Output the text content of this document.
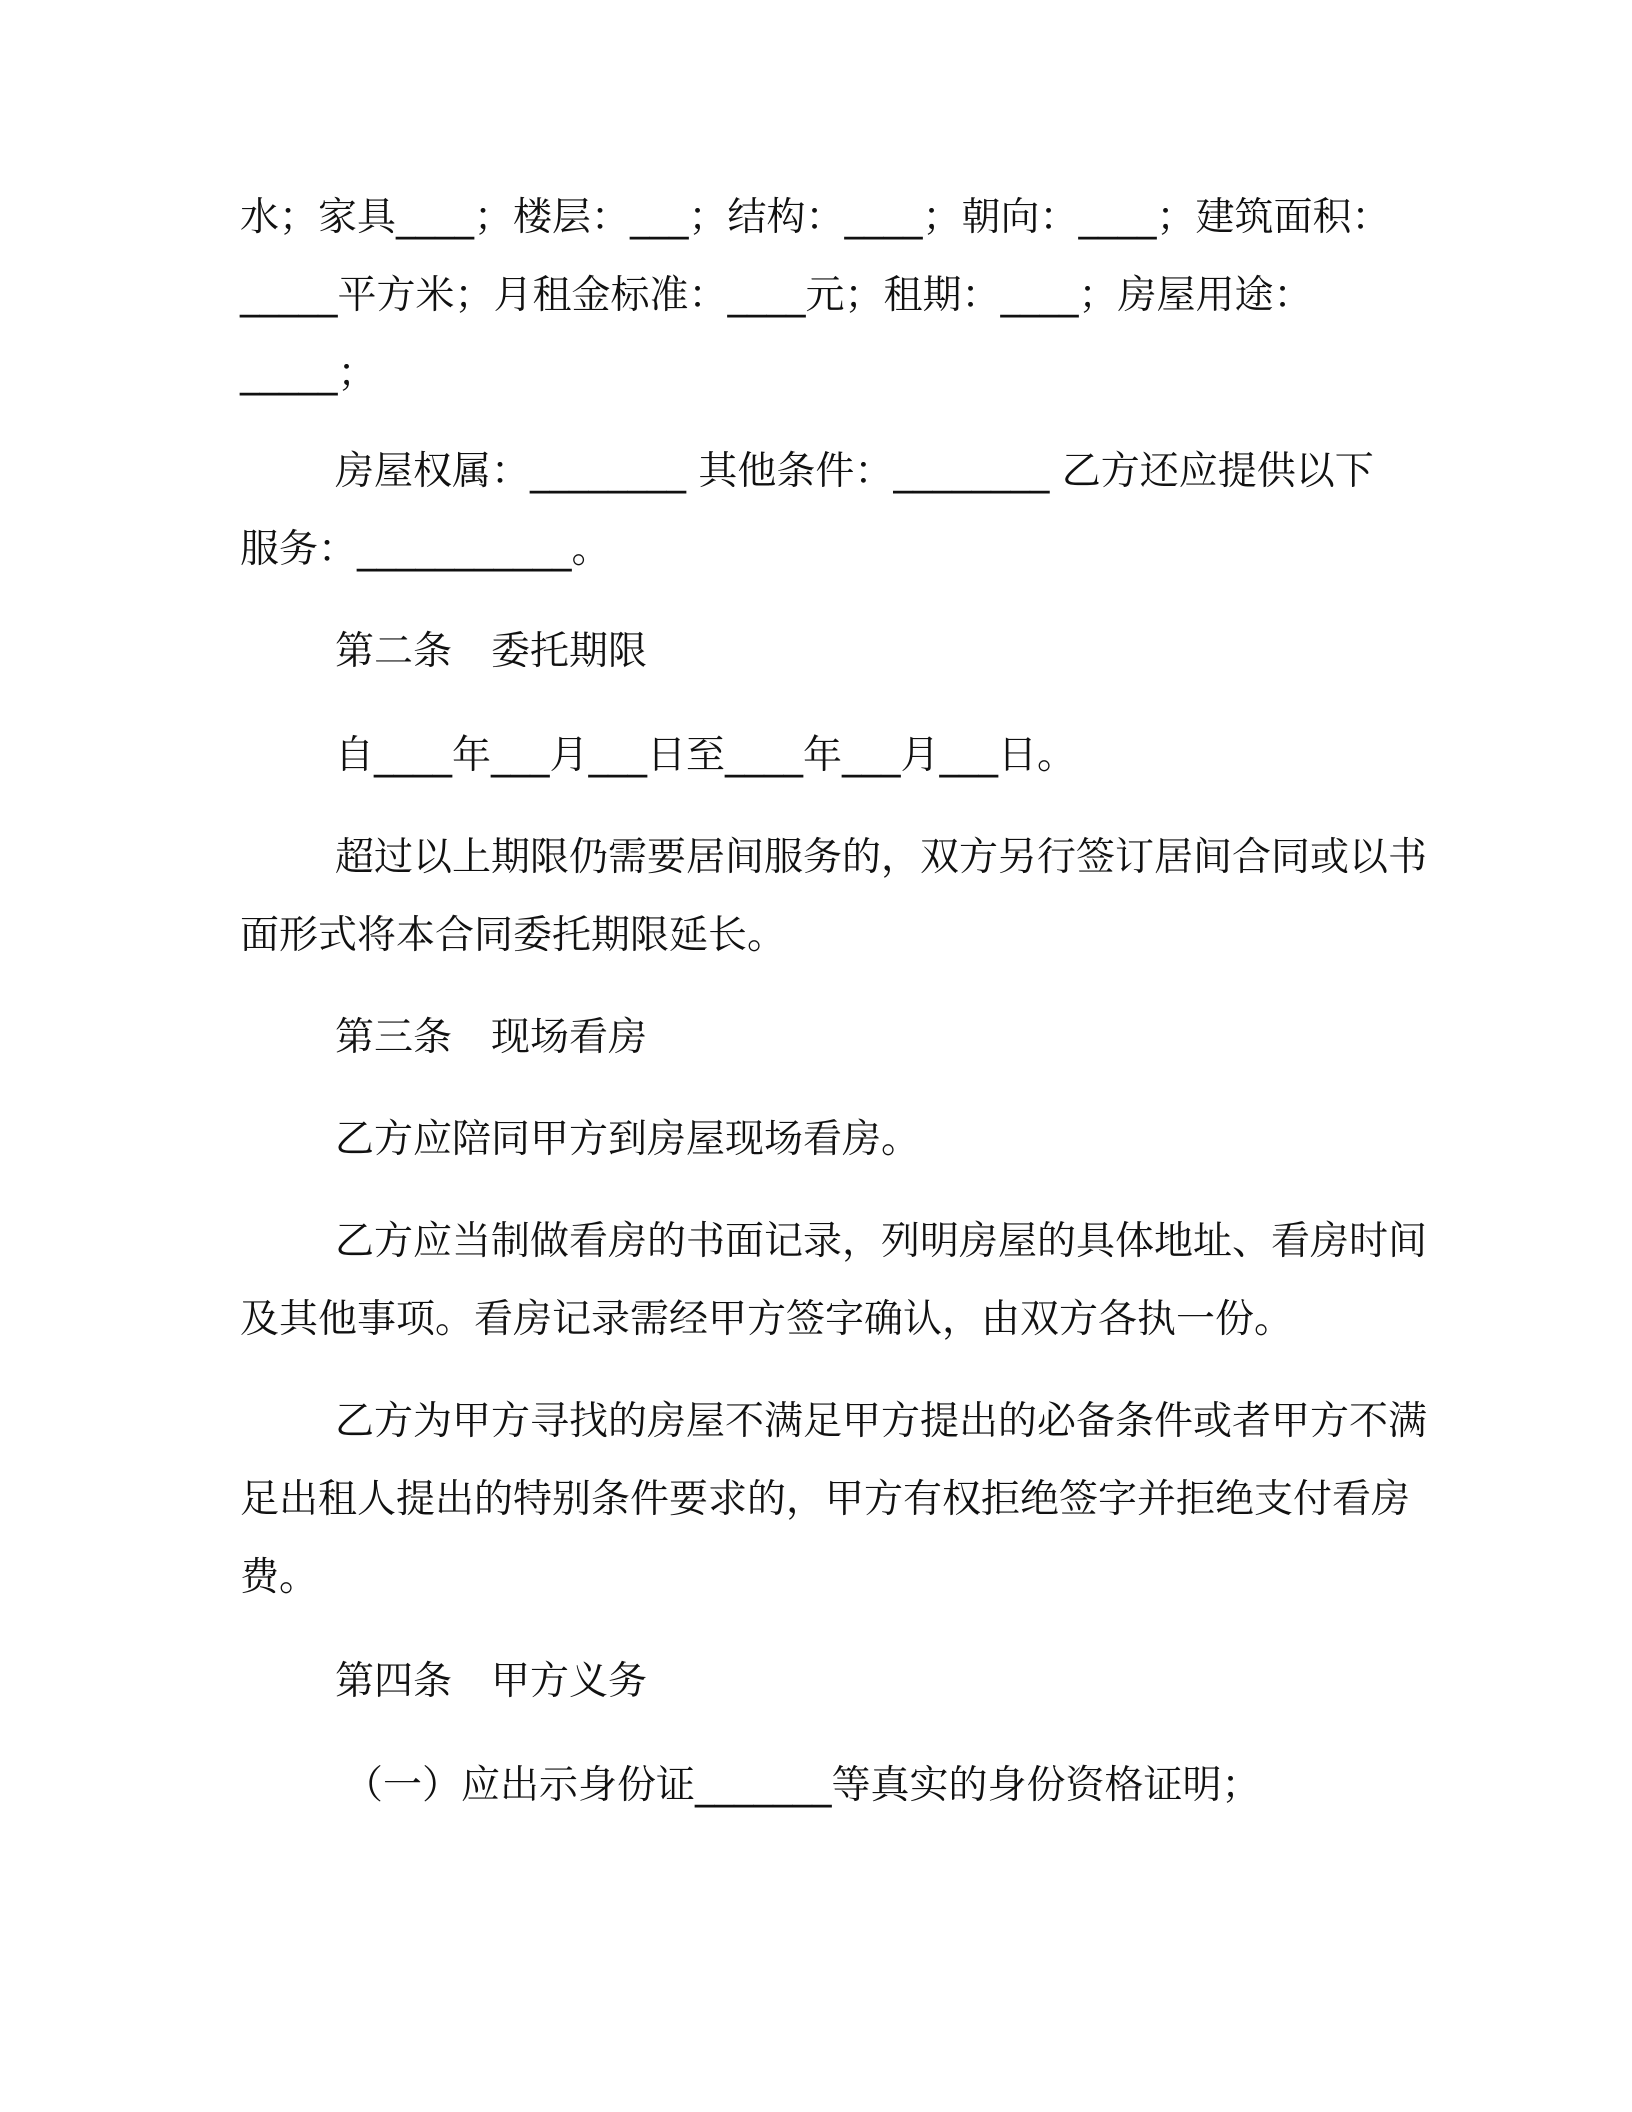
水；家具____；楼层：___；结构：____；朝向：____；建筑面积：
_____平方米；月租金标准：____元；租期：____；房屋用途：
_____；
房屋权属：________ 其他条件：________ 乙方还应提供以下
服务：___________。
第二条　委托期限
自____年___月___日至____年___月___日。
超过以上期限仍需要居间服务的，双方另行签订居间合同或以书
面形式将本合同委托期限延长。
第三条　现场看房
乙方应陪同甲方到房屋现场看房。
乙方应当制做看房的书面记录，列明房屋的具体地址、看房时间
及其他事项。看房记录需经甲方签字确认，由双方各执一份。
乙方为甲方寻找的房屋不满足甲方提出的必备条件或者甲方不满
足出租人提出的特别条件要求的，甲方有权拒绝签字并拒绝支付看房
费。
第四条　甲方义务
（一）应出示身份证_______等真实的身份资格证明；
